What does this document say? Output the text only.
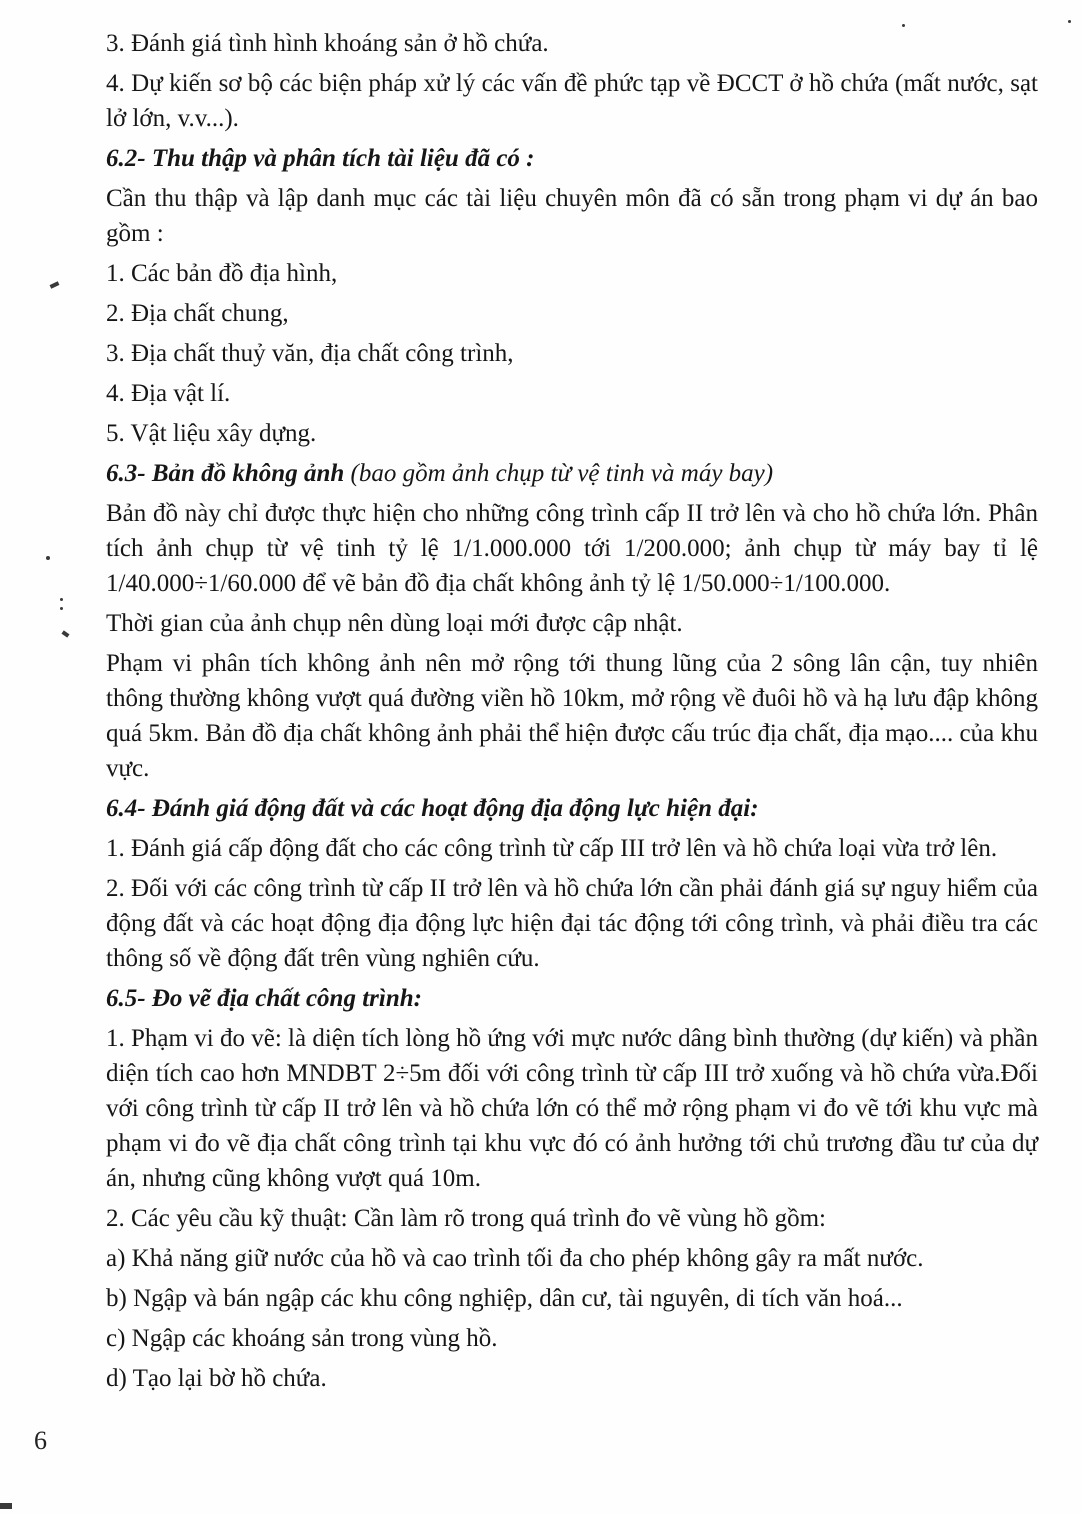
3. Đánh giá tình hình khoáng sản ở hồ chứa.

4. Dự kiến sơ bộ các biện pháp xử lý các vấn đề phức tạp về ĐCCT ở hồ chứa (mất nước, sạt lở lớn, v.v...).

6.2- Thu thập và phân tích tài liệu đã có :

Cần thu thập và lập danh mục các tài liệu chuyên môn đã có sẵn trong phạm vi dự án bao gồm :

1. Các bản đồ địa hình,

2. Địa chất chung,

3. Địa chất thuỷ văn, địa chất công trình,

4. Địa vật lí.

5. Vật liệu xây dựng.

6.3- Bản đồ không ảnh (bao gồm ảnh chụp từ vệ tinh và máy bay)

Bản đồ này chỉ được thực hiện cho những công trình cấp II trở lên và cho hồ chứa lớn. Phân tích ảnh chụp từ vệ tinh tỷ lệ 1/1.000.000 tới 1/200.000; ảnh chụp từ máy bay tỉ lệ 1/40.000÷1/60.000 để vẽ bản đồ địa chất không ảnh tỷ lệ 1/50.000÷1/100.000.

Thời gian của ảnh chụp nên dùng loại mới được cập nhật.

Phạm vi phân tích không ảnh nên mở rộng tới thung lũng của 2 sông lân cận, tuy nhiên thông thường không vượt quá đường viền hồ 10km, mở rộng về đuôi hồ và hạ lưu đập không quá 5km. Bản đồ địa chất không ảnh phải thể hiện được cấu trúc địa chất, địa mạo.... của khu vực.

6.4- Đánh giá động đất và các hoạt động địa động lực hiện đại:

1. Đánh giá cấp động đất cho các công trình từ cấp III trở lên và hồ chứa loại vừa trở lên.

2. Đối với các công trình từ cấp II trở lên và hồ chứa lớn cần phải đánh giá sự nguy hiểm của động đất và các hoạt động địa động lực hiện đại tác động tới công trình, và phải điều tra các thông số về động đất trên vùng nghiên cứu.

6.5- Đo vẽ địa chất công trình:

1. Phạm vi đo vẽ: là diện tích lòng hồ ứng với mực nước dâng bình thường (dự kiến) và phần diện tích cao hơn MNDBT 2÷5m đối với công trình từ cấp III trở xuống và hồ chứa vừa.Đối với công trình từ cấp II trở lên và hồ chứa lớn có thể mở rộng phạm vi đo vẽ tới khu vực mà phạm vi đo vẽ địa chất công trình tại khu vực đó có ảnh hưởng tới chủ trương đầu tư của dự án, nhưng cũng không vượt quá 10m.

2. Các yêu cầu kỹ thuật: Cần làm rõ trong quá trình đo vẽ vùng hồ gồm:

a) Khả năng giữ nước của hồ và cao trình tối đa cho phép không gây ra mất nước.

b) Ngập và bán ngập các khu công nghiệp, dân cư, tài nguyên, di tích văn hoá...

c) Ngập các khoáng sản trong vùng hồ.

d) Tạo lại bờ hồ chứa.

6
